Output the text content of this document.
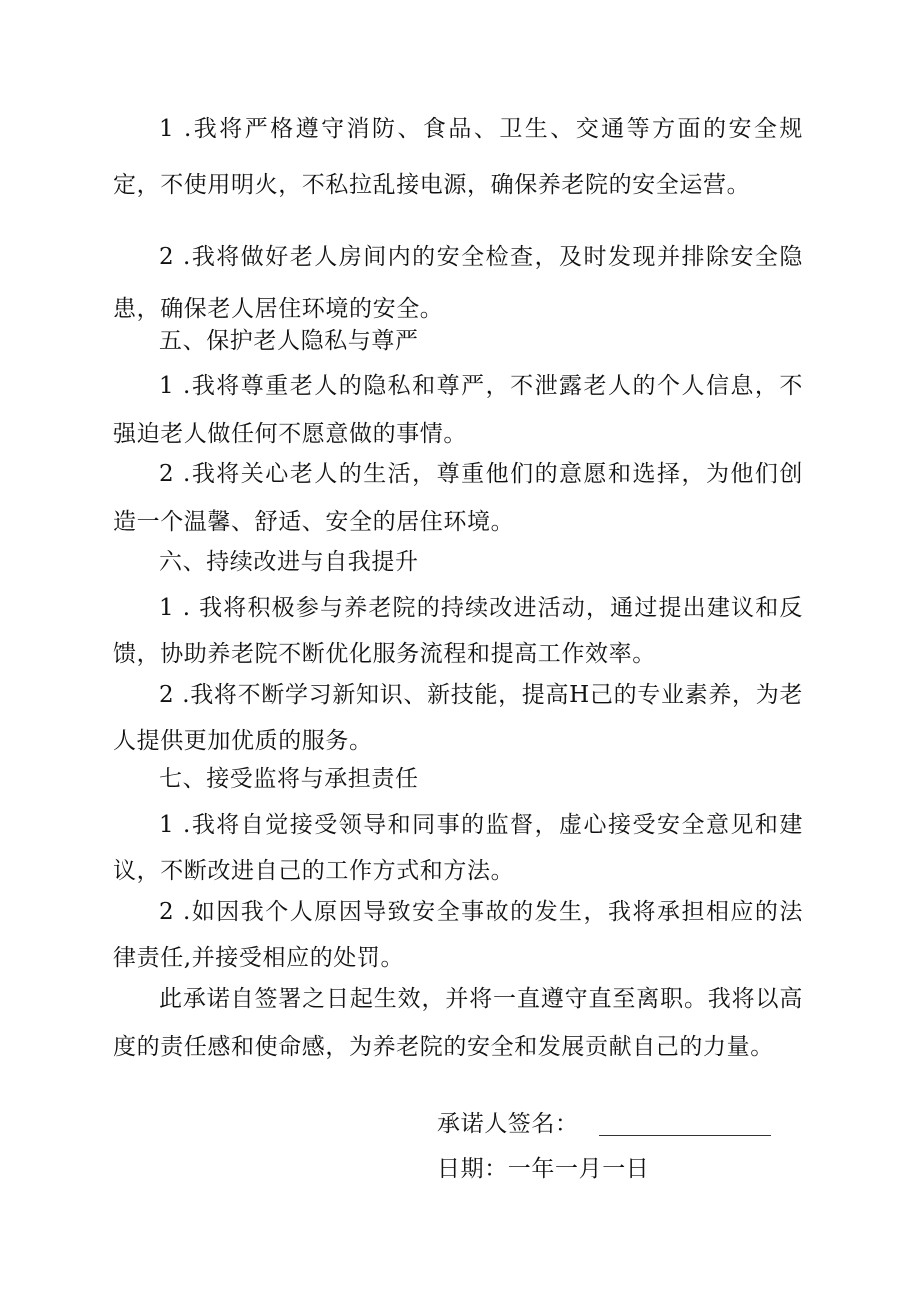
1 .我将严格遵守消防、食品、卫生、交通等方面的安全规定，不使用明火，不私拉乱接电源，确保养老院的安全运营。

2 .我将做好老人房间内的安全检查，及时发现并排除安全隐患，确保老人居住环境的安全。

五、保护老人隐私与尊严

1 .我将尊重老人的隐私和尊严，不泄露老人的个人信息，不强迫老人做任何不愿意做的事情。

2 .我将关心老人的生活，尊重他们的意愿和选择，为他们创造一个温馨、舒适、安全的居住环境。

六、持续改进与自我提升

1 . 我将积极参与养老院的持续改进活动，通过提出建议和反馈，协助养老院不断优化服务流程和提高工作效率。

2 .我将不断学习新知识、新技能，提高H己的专业素养，为老人提供更加优质的服务。

七、接受监将与承担责任

1 .我将自觉接受领导和同事的监督，虚心接受安全意见和建议，不断改进自己的工作方式和方法。

2 .如因我个人原因导致安全事故的发生，我将承担相应的法律责任,并接受相应的处罚。

此承诺自签署之日起生效，并将一直遵守直至离职。我将以高度的责任感和使命感，为养老院的安全和发展贡献自己的力量。

承诺人签名：
日期：一年一月一日
